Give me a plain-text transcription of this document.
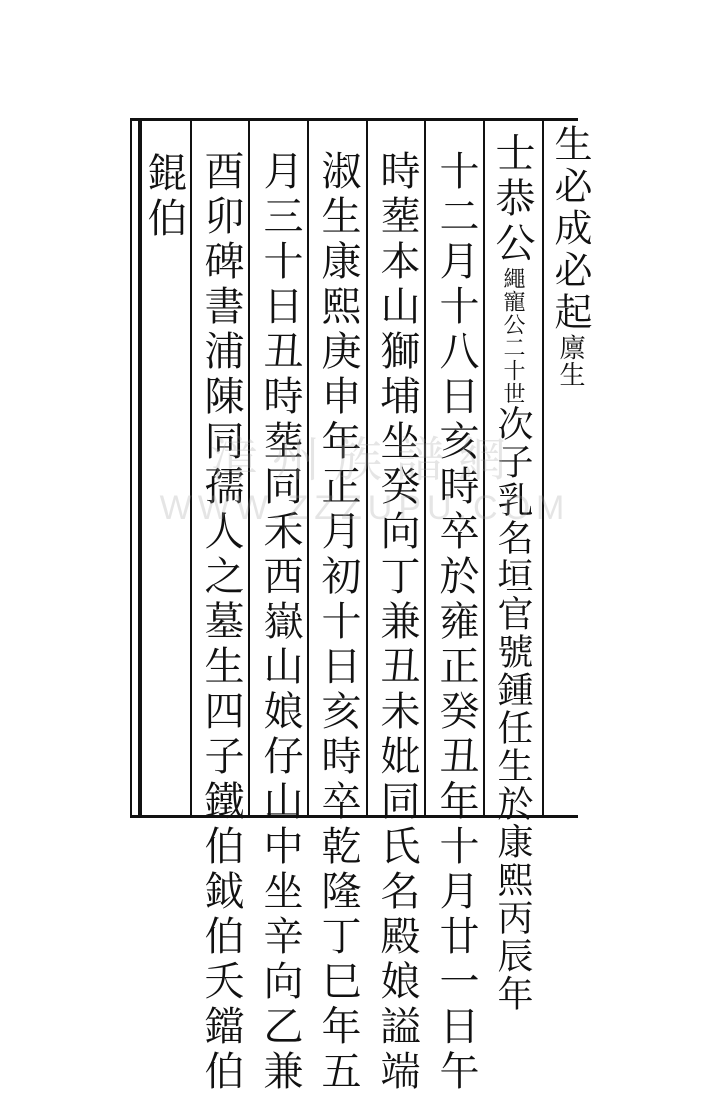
生必成必起廪生
士恭公繩寵公二十世次子乳名垣官號鍾任生於康熙丙辰年
十二月十八日亥時卒於雍正癸丑年十月廿一日午
時塟本山獅埔坐癸向丁兼丑未妣同氏名殿娘謚端
淑生康熙庚申年正月初十日亥時卒乾隆丁巳年五
月三十日丑時塟同禾西嶽山娘仔山中坐辛向乙兼
酉卯碑書浦陳同孺人之墓生四子鐵伯鉞伯夭鐺伯
錕伯
漳州族譜網
WWW.ZZZUPU.COM
